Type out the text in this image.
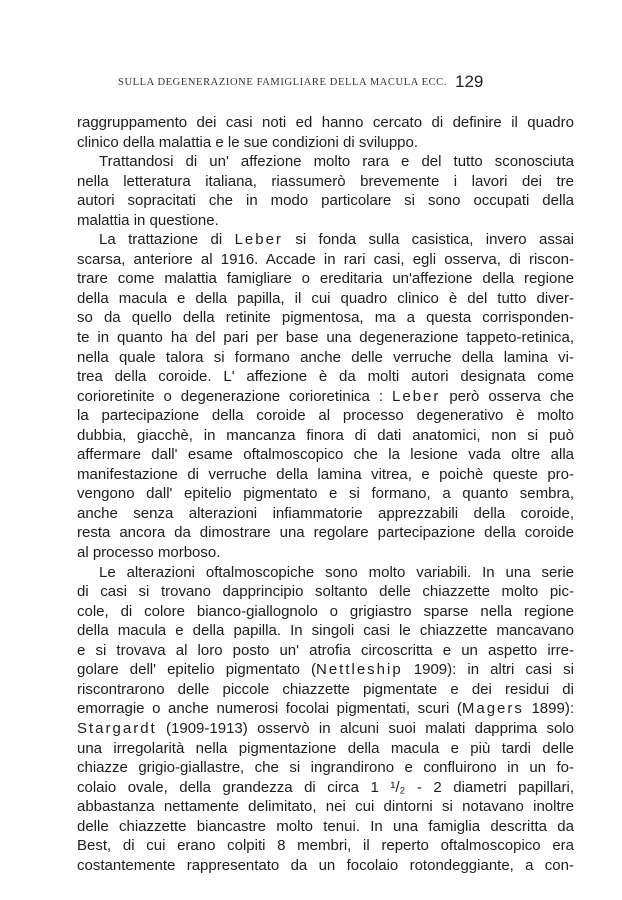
SULLA DEGENERAZIONE FAMIGLIARE DELLA MACULA ECC. 129
raggruppamento dei casi noti ed hanno cercato di definire il quadro
clinico della malattia e le sue condizioni di sviluppo.
Trattandosi di un' affezione molto rara e del tutto sconosciuta
nella letteratura italiana, riassumerò brevemente i lavori dei tre
autori sopracitati che in modo particolare si sono occupati della
malattia in questione.
La trattazione di Leber si fonda sulla casistica, invero assai
scarsa, anteriore al 1916. Accade in rari casi, egli osserva, di riscon-
trare come malattia famigliare o ereditaria un'affezione della regione
della macula e della papilla, il cui quadro clinico è del tutto diver-
so da quello della retinite pigmentosa, ma a questa corrisponden-
te in quanto ha del pari per base una degenerazione tappeto-retinica,
nella quale talora si formano anche delle verruche della lamina vi-
trea della coroide. L' affezione è da molti autori designata come
corioretinite o degenerazione corioretinica : Leber però osserva che
la partecipazione della coroide al processo degenerativo è molto
dubbia, giacchè, in mancanza finora di dati anatomici, non si può
affermare dall' esame oftalmoscopico che la lesione vada oltre alla
manifestazione di verruche della lamina vitrea, e poichè queste pro-
vengono dall' epitelio pigmentato e si formano, a quanto sembra,
anche senza alterazioni infiammatorie apprezzabili della coroide,
resta ancora da dimostrare una regolare partecipazione della coroide
al processo morboso.
Le alterazioni oftalmoscopiche sono molto variabili. In una serie
di casi si trovano dapprincipio soltanto delle chiazzette molto pic-
cole, di colore bianco-giallognolo o grigiastro sparse nella regione
della macula e della papilla. In singoli casi le chiazzette mancavano
e si trovava al loro posto un' atrofia circoscritta e un aspetto irre-
golare dell' epitelio pigmentato (Nettleship 1909): in altri casi si
riscontrarono delle piccole chiazzette pigmentate e dei residui di
emorragie o anche numerosi focolai pigmentati, scuri (Magers 1899):
Stargardt (1909-1913) osservò in alcuni suoi malati dapprima solo
una irregolarità nella pigmentazione della macula e più tardi delle
chiazze grigio-giallastre, che si ingrandirono e confluirono in un fo-
colaio ovale, della grandezza di circa 1 ¹/₂ - 2 diametri papillari,
abbastanza nettamente delimitato, nei cui dintorni si notavano inoltre
delle chiazzette biancastre molto tenui. In una famiglia descritta da
Best, di cui erano colpiti 8 membri, il reperto oftalmoscopico era
costantemente rappresentato da un focolaio rotondeggiante, a con-
